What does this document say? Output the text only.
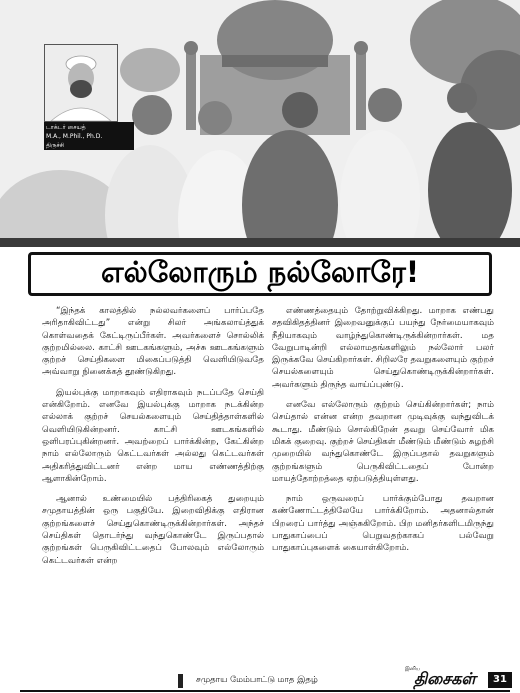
டாக்டர் சையத்
M.A., M.Phil., Ph.D.
திருச்சி
எல்லோரும் நல்லோரே!

“இந்தக் காலத்தில் நல்லவர்களைப் பார்ப்பதே அரிதாகிவிட்டது” என்று சிலர் அங்கலாய்த்துக் கொள்வதைக் கேட்டிருப்பீர்கள். அவர்களைச் சொல்லிக் குற்றமில்லை. காட்சி ஊடகங்களும், அச்சு ஊடகங்களும் குற்றச் செய்திகளை மிகைப்படுத்தி வெளியிடுவதே அவ்வாறு நினைக்கத் தூண்டுகிறது.

இயல்புக்கு மாறாகவும் எதிராகவும் நடப்பதே செய்தி என்கிறோம். எனவே இயல்புக்கு மாறாக நடக்கின்ற எல்லாக் குற்றச் செயல்களையும் செய்தித்தாள்களில் வெளியிடுகின்றனர். காட்சி ஊடகங்களில் ஒளிபரப்புகின்றனர். அவற்றைப் பார்க்கின்ற, கேட்கின்ற நாம் எல்லோரும் கெட்டவர்கள் அல்லது கெட்டவர்கள் அதிகரித்துவிட்டனர் என்ற மாய எண்ணத்திற்கு ஆளாகின்றோம்.

ஆனால் உண்மையில் பத்திரிகைத் துறையும் சமுதாயத்தின் ஒரு பகுதியே. இறைவிதிக்கு எதிரான குற்றங்களைச் செய்துகொண்டிருக்கின்றார்கள். அந்தச் செய்திகள் தொடர்ந்து வந்துகொண்டே இருப்பதால் குற்றங்கள் பெருகிவிட்டதைப் போலவும் எல்லோரும் கெட்டவர்கள் என்ற

எண்ணத்தையும் தோற்றுவிக்கிறது. மாறாக எண்பது சதவிகிதத்தினர் இறைவனுக்குப் பயந்து நேர்மையாகவும் நீதியாகவும் வாழ்ந்துகொண்டிருக்கின்றார்கள். மத வேறுபாடின்றி எல்லாமதங்களிலும் நல்லோர் பலர் இருக்கவே செய்கிறார்கள். சிறிலரே தவறுகளையும் குற்றச் செயல்களையும் செய்துகொண்டிருக்கின்றார்கள். அவர்களும் திருந்த வாய்ப்புண்டு.

எனவே எல்லோரும் குற்றம் செய்கின்றார்கள்; நாம் செய்தால் என்ன என்ற தவறான முடிவுக்கு வந்துவிடக் கூடாது. மீண்டும் சொல்கிறேன் தவறு செய்வோர் மிக மிகக் குறைவு. குற்றச் செய்திகள் மீண்டும் மீண்டும் சுழற்சி முறையில் வந்துகொண்டே இருப்பதால் தவறுகளும் குற்றங்களும் பெருகிவிட்டதைப் போன்ற மாயத்தோற்றத்தை ஏற்படுத்தியுள்ளது.

நாம் ஒருவரைப் பார்க்கும்போது தவறான கண்ணோட்டத்திலேயே பார்க்கிறோம். அதனால்தான் பிறரைப் பார்த்து அஞ்சுகிறோம். பிற மனிதர்களிடமிருந்து பாதுகாப்பைப் பெறுவதற்காகப் பல்வேறு பாதுகாப்புகளைக் கையாள்கிறோம்.

சமுதாய மேம்பாட்டு மாத இதழ்
இனிய
திசைகள்	31
